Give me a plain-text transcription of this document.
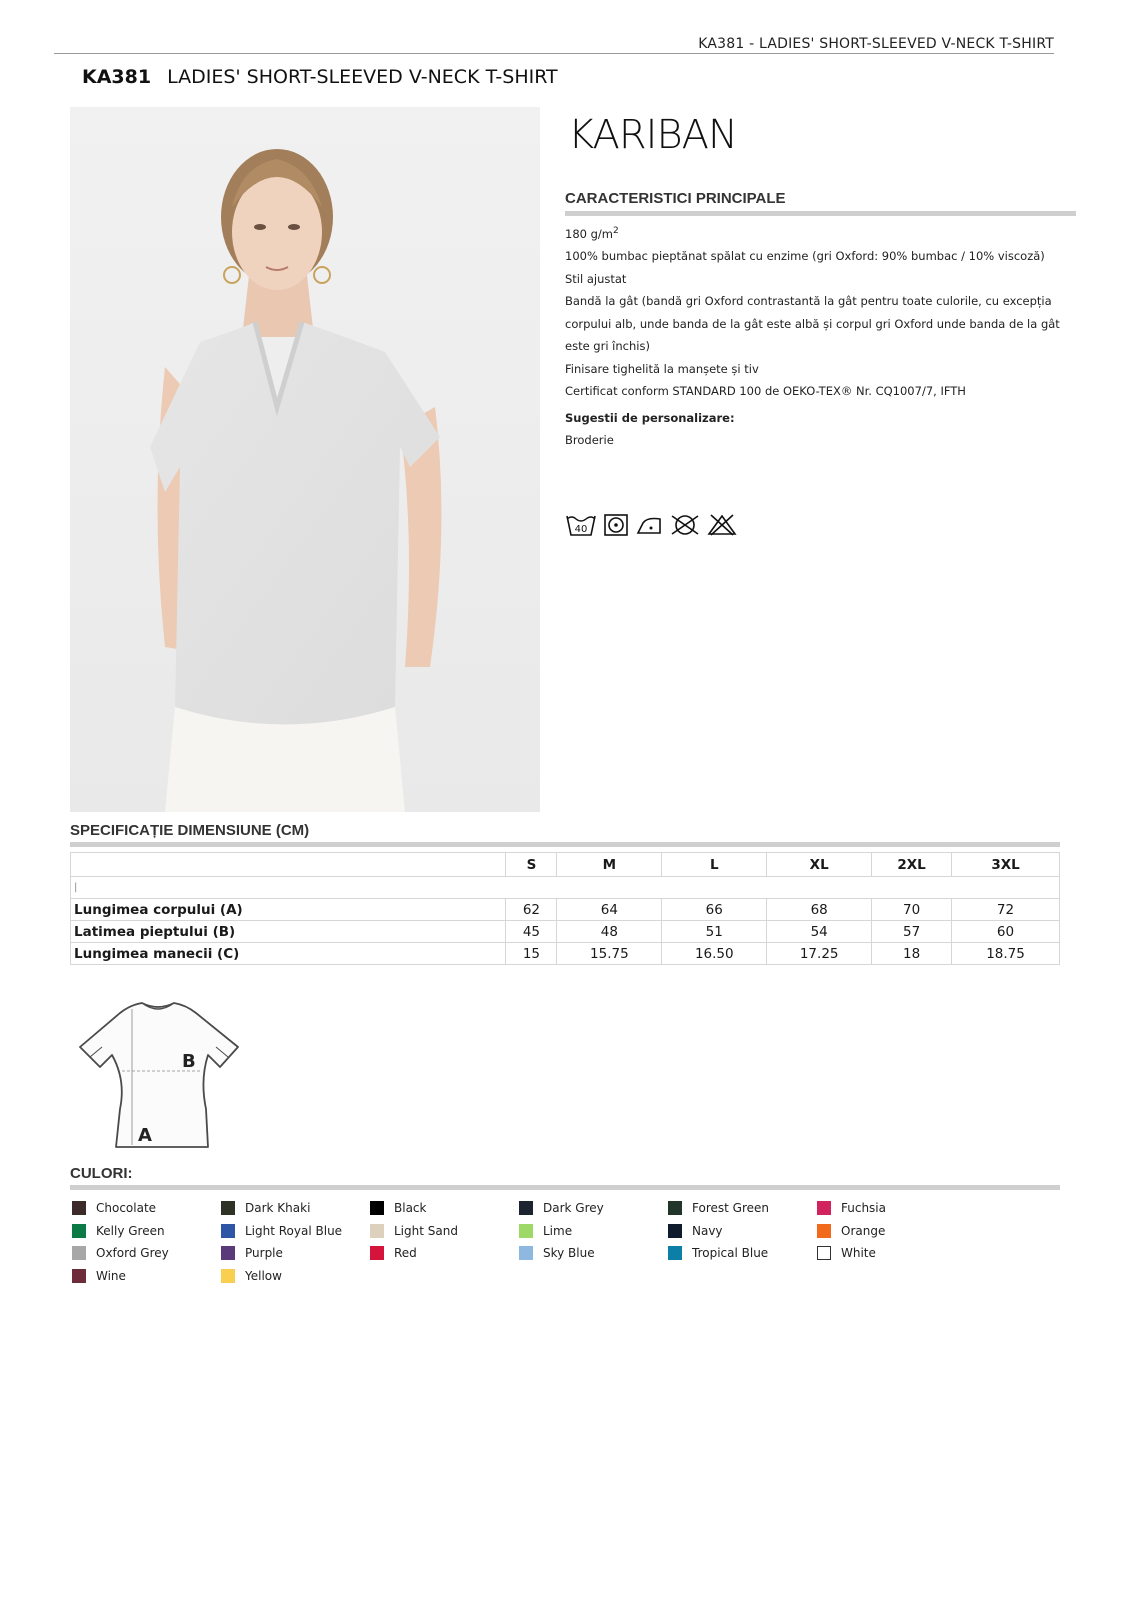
KA381 - LADIES' SHORT-SLEEVED V-NECK T-SHIRT
KA381 LADIES' SHORT-SLEEVED V-NECK T-SHIRT
KARIBAN
CARACTERISTICI PRINCIPALE

180 $g/m^2$

100% bumbac pieptănat spălat cu enzime (gri Oxford: 90% bumbac / 10% viscoză)

Stil ajustat

Bandă la gât (bandă gri Oxford contrastantă la gât pentru toate culorile, cu excepția corpului alb, unde banda de la gât este albă și corpul gri Oxford unde banda de la gât este gri închis)

Finisare tighelită la manșete și tiv

Certificat conform STANDARD 100 de OEKO-TEX® Nr. CQ1007/7, IFTH

Sugestii de personalizare:

Broderie

40
SPECIFICAȚIE DIMENSIUNE (CM)
	S	M	L	XL	2XL	3XL
|						
Lungimea corpului (A)	62	64	66	68	70	72
Latimea pieptului (B)	45	48	51	54	57	60
Lungimea manecii (C)	15	15.75	16.50	17.25	18	18.75
B
A
CULORI:
Chocolate	Dark Khaki	Black	Dark Grey	Forest Green	Fuchsia
Kelly Green	Light Royal Blue	Light Sand	Lime	Navy	Orange
Oxford Grey	Purple	Red	Sky Blue	Tropical Blue	White
Wine	Yellow
